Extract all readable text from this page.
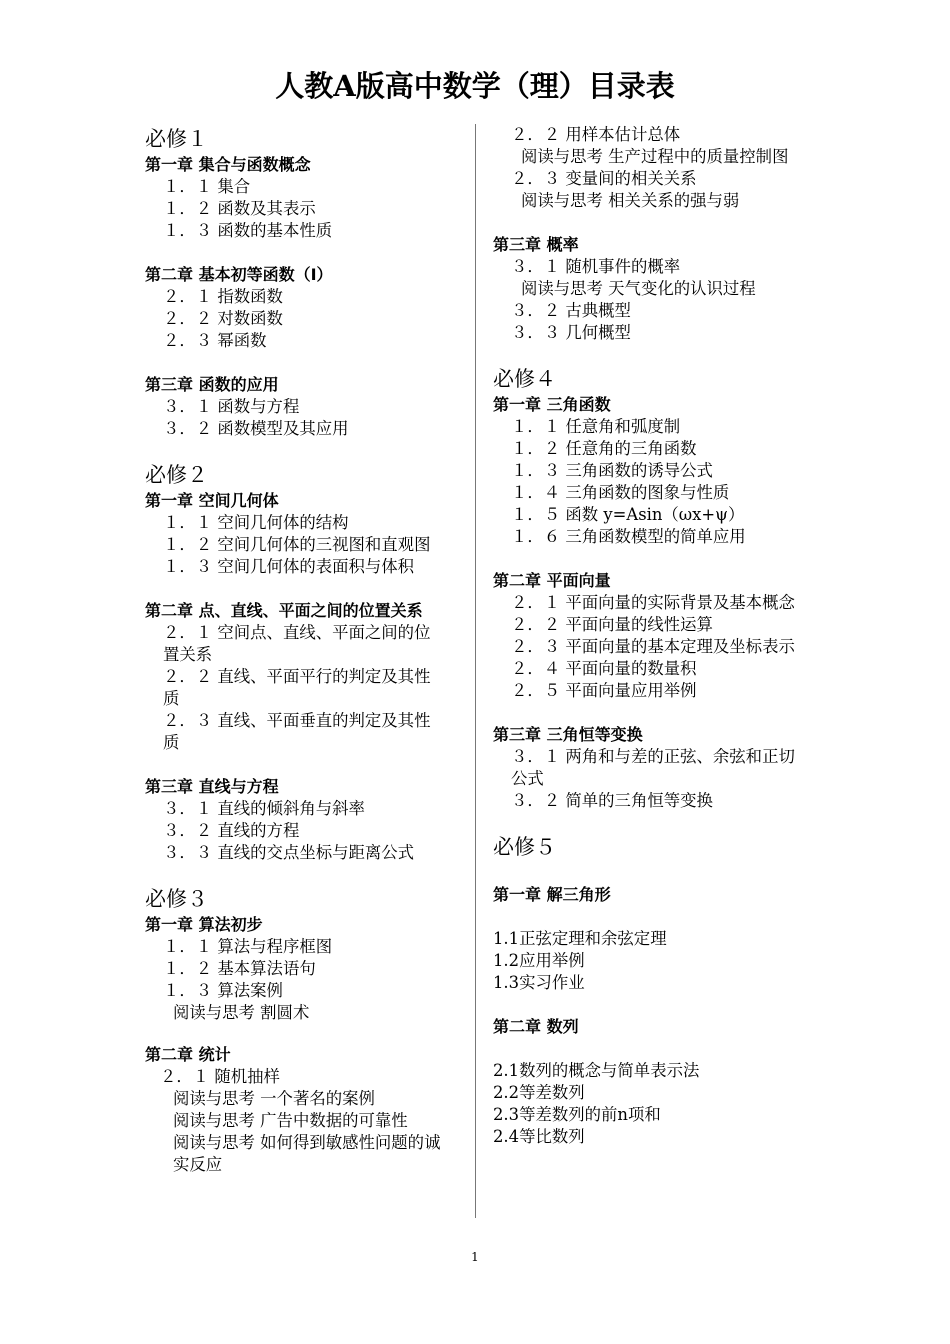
人教A版高中数学（理）目录表
必修１
第一章 集合与函数概念
１．１ 集合
１．２ 函数及其表示
１．３ 函数的基本性质
第二章 基本初等函数（Ⅰ）
２．１ 指数函数
２．２ 对数函数
２．３ 幂函数
第三章 函数的应用
３．１ 函数与方程
３．２ 函数模型及其应用
必修２
第一章 空间几何体
１．１ 空间几何体的结构
１．２ 空间几何体的三视图和直观图
１．３ 空间几何体的表面积与体积
第二章 点、直线、平面之间的位置关系
２．１ 空间点、直线、平面之间的位置关系
２．２ 直线、平面平行的判定及其性质
２．３ 直线、平面垂直的判定及其性质
第三章 直线与方程
３．１ 直线的倾斜角与斜率
３．２ 直线的方程
３．３ 直线的交点坐标与距离公式
必修３
第一章 算法初步
１．１ 算法与程序框图
１．２ 基本算法语句
１．３ 算法案例
阅读与思考 割圆术
第二章 统计
２．１ 随机抽样
阅读与思考 一个著名的案例
阅读与思考 广告中数据的可靠性
阅读与思考 如何得到敏感性问题的诚实反应
２．２ 用样本估计总体
阅读与思考 生产过程中的质量控制图
２．３ 变量间的相关关系
阅读与思考 相关关系的强与弱
第三章 概率
３．１ 随机事件的概率
阅读与思考 天气变化的认识过程
３．２ 古典概型
３．３ 几何概型
必修４
第一章 三角函数
１．１ 任意角和弧度制
１．２ 任意角的三角函数
１．３ 三角函数的诱导公式
１．４ 三角函数的图象与性质
１．５ 函数 y=Asin（ωx+ψ）
１．６ 三角函数模型的简单应用
第二章 平面向量
２．１ 平面向量的实际背景及基本概念
２．２ 平面向量的线性运算
２．３ 平面向量的基本定理及坐标表示
２．４ 平面向量的数量积
２．５ 平面向量应用举例
第三章 三角恒等变换
３．１ 两角和与差的正弦、余弦和正切公式
３．２ 简单的三角恒等变换
必修５
第一章 解三角形
1.1正弦定理和余弦定理
1.2应用举例
1.3实习作业
第二章 数列
2.1数列的概念与简单表示法
2.2等差数列
2.3等差数列的前n项和
2.4等比数列
1
